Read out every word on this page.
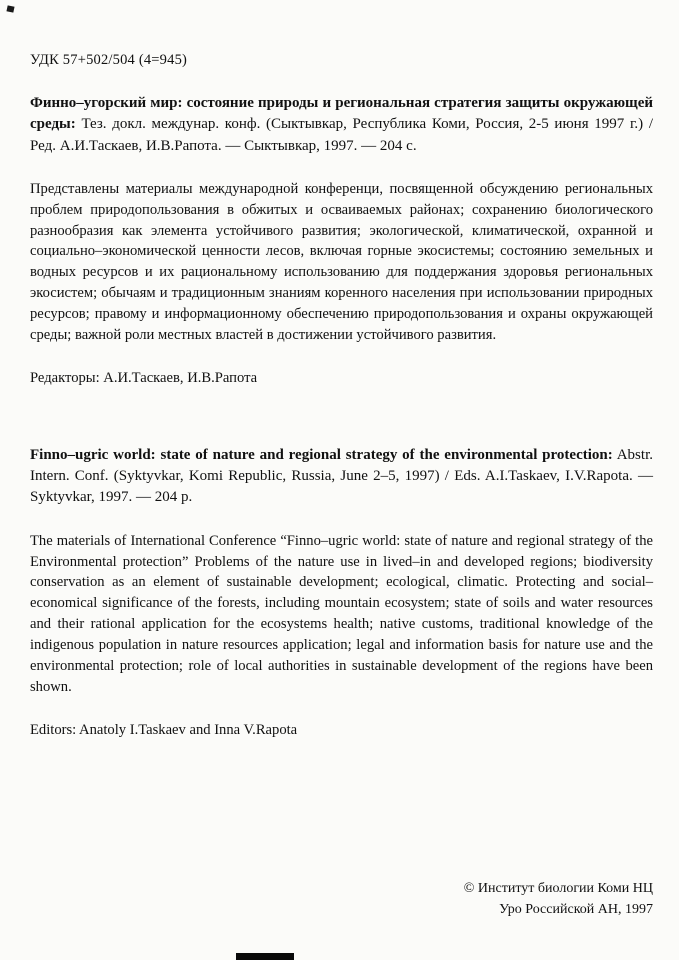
УДК 57+502/504 (4=945)

Финно–угорский мир: состояние природы и региональная стратегия защиты окружающей среды: Тез. докл. междунар. конф. (Сыктывкар, Республика Коми, Россия, 2-5 июня 1997 г.) / Ред. А.И.Таскаев, И.В.Рапота. — Сыктывкар, 1997. — 204 с.

Представлены материалы международной конференци, посвященной обсуждению региональных проблем природопользования в обжитых и осваиваемых районах; сохранению биологического разнообразия как элемента устойчивого развития; экологической, климатической, охранной и социально–экономической ценности лесов, включая горные экосистемы; состоянию земельных и водных ресурсов и их рациональному использованию для поддержания здоровья региональных экосистем; обычаям и традиционным знаниям коренного населения при использовании природных ресурсов; правому и информационному обеспечению природопользования и охраны окружающей среды; важной роли местных властей в достижении устойчивого развития.

Редакторы: А.И.Таскаев, И.В.Рапота

Finno–ugric world: state of nature and regional strategy of the environmental protection: Abstr. Intern. Conf. (Syktyvkar, Komi Republic, Russia, June 2–5, 1997) / Eds. A.I.Taskaev, I.V.Rapota. — Syktyvkar, 1997. — 204 p.

The materials of International Conference “Finno–ugric world: state of nature and regional strategy of the Environmental protection” Problems of the nature use in lived–in and developed regions; biodiversity conservation as an element of sustainable development; ecological, climatic. Protecting and social–economical significance of the forests, including mountain ecosystem; state of soils and water resources and their rational application for the ecosystems health; native customs, traditional knowledge of the indigenous population in nature resources application; legal and information basis for nature use and the environmental protection; role of local authorities in sustainable development of the regions have been shown.

Editors: Anatoly I.Taskaev and Inna V.Rapota

© Институт биологии Коми НЦ
Уро Российской АН, 1997
